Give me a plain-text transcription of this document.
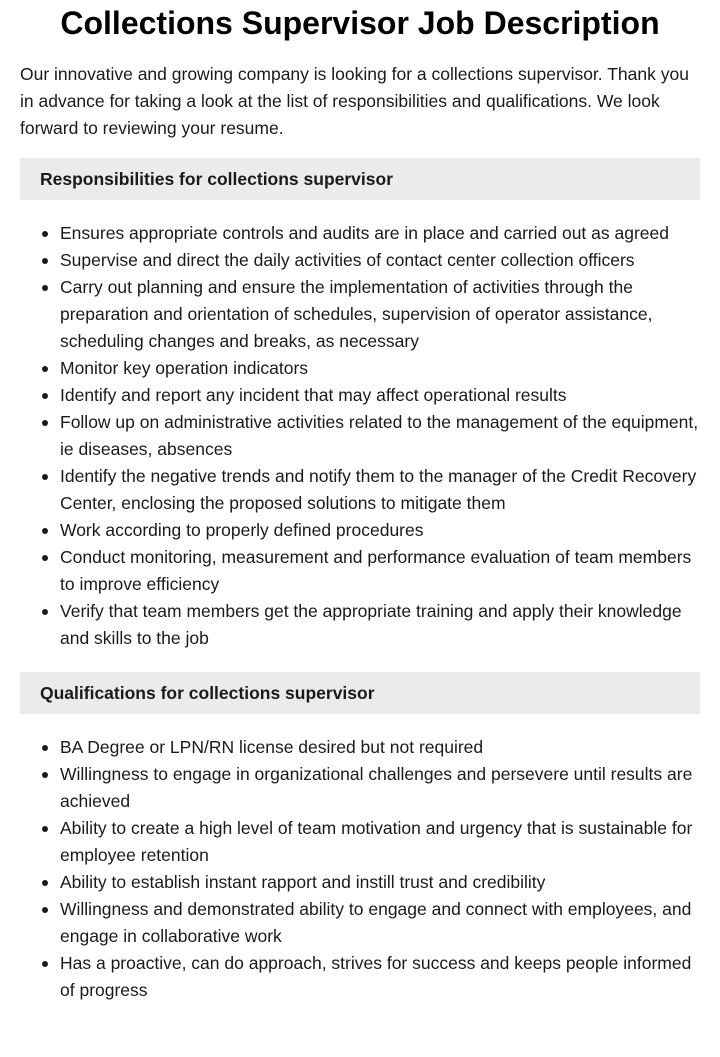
Collections Supervisor Job Description

Our innovative and growing company is looking for a collections supervisor. Thank you in advance for taking a look at the list of responsibilities and qualifications. We look forward to reviewing your resume.

Responsibilities for collections supervisor
Ensures appropriate controls and audits are in place and carried out as agreed
Supervise and direct the daily activities of contact center collection officers
Carry out planning and ensure the implementation of activities through the preparation and orientation of schedules, supervision of operator assistance, scheduling changes and breaks, as necessary
Monitor key operation indicators
Identify and report any incident that may affect operational results
Follow up on administrative activities related to the management of the equipment, ie diseases, absences
Identify the negative trends and notify them to the manager of the Credit Recovery Center, enclosing the proposed solutions to mitigate them
Work according to properly defined procedures
Conduct monitoring, measurement and performance evaluation of team members to improve efficiency
Verify that team members get the appropriate training and apply their knowledge and skills to the job
Qualifications for collections supervisor
BA Degree or LPN/RN license desired but not required
Willingness to engage in organizational challenges and persevere until results are achieved
Ability to create a high level of team motivation and urgency that is sustainable for employee retention
Ability to establish instant rapport and instill trust and credibility
Willingness and demonstrated ability to engage and connect with employees, and engage in collaborative work
Has a proactive, can do approach, strives for success and keeps people informed of progress
